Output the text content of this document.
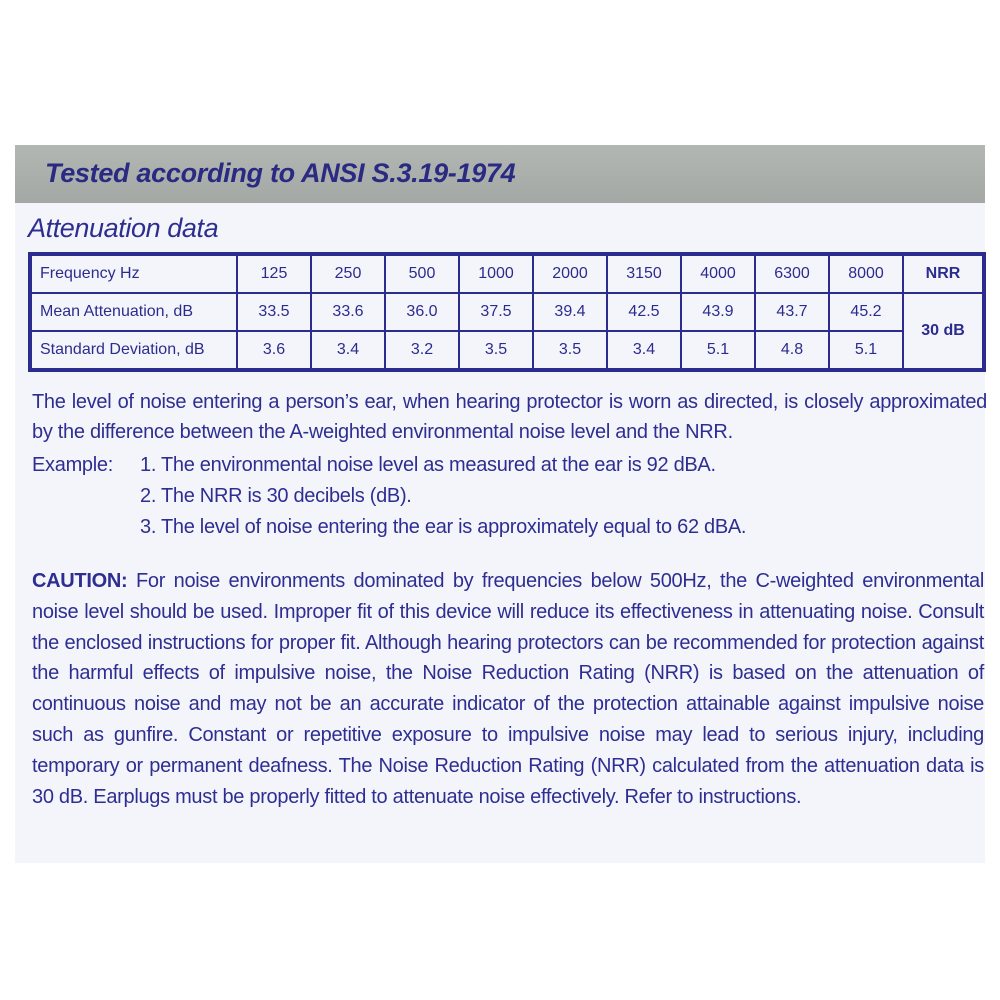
Tested according to ANSI S.3.19-1974
Attenuation data
Frequency Hz	125	250	500	1000	2000	3150	4000	6300	8000	NRR
Mean Attenuation, dB	33.5	33.6	36.0	37.5	39.4	42.5	43.9	43.7	45.2	30 dB
Standard Deviation, dB	3.6	3.4	3.2	3.5	3.5	3.4	5.1	4.8	5.1	
The level of noise entering a person’s ear, when hearing protector is worn as directed, is closely approximated by the difference between the A-weighted environmental noise level and the NRR.
Example: 1. The environmental noise level as measured at the ear is 92 dBA.
2. The NRR is 30 decibels (dB).
3. The level of noise entering the ear is approximately equal to 62 dBA.
CAUTION: For noise environments dominated by frequencies below 500Hz, the C-weighted environmental noise level should be used. Improper fit of this device will reduce its effectiveness in attenuating noise. Consult the enclosed instructions for proper fit. Although hearing protectors can be recommended for protection against the harmful effects of impulsive noise, the Noise Reduction Rating (NRR) is based on the attenuation of continuous noise and may not be an accurate indicator of the protection attainable against impulsive noise such as gunfire. Constant or repetitive exposure to impulsive noise may lead to serious injury, including temporary or permanent deafness. The Noise Reduction Rating (NRR) calculated from the attenuation data is 30 dB. Earplugs must be properly fitted to attenuate noise effectively. Refer to instructions.
